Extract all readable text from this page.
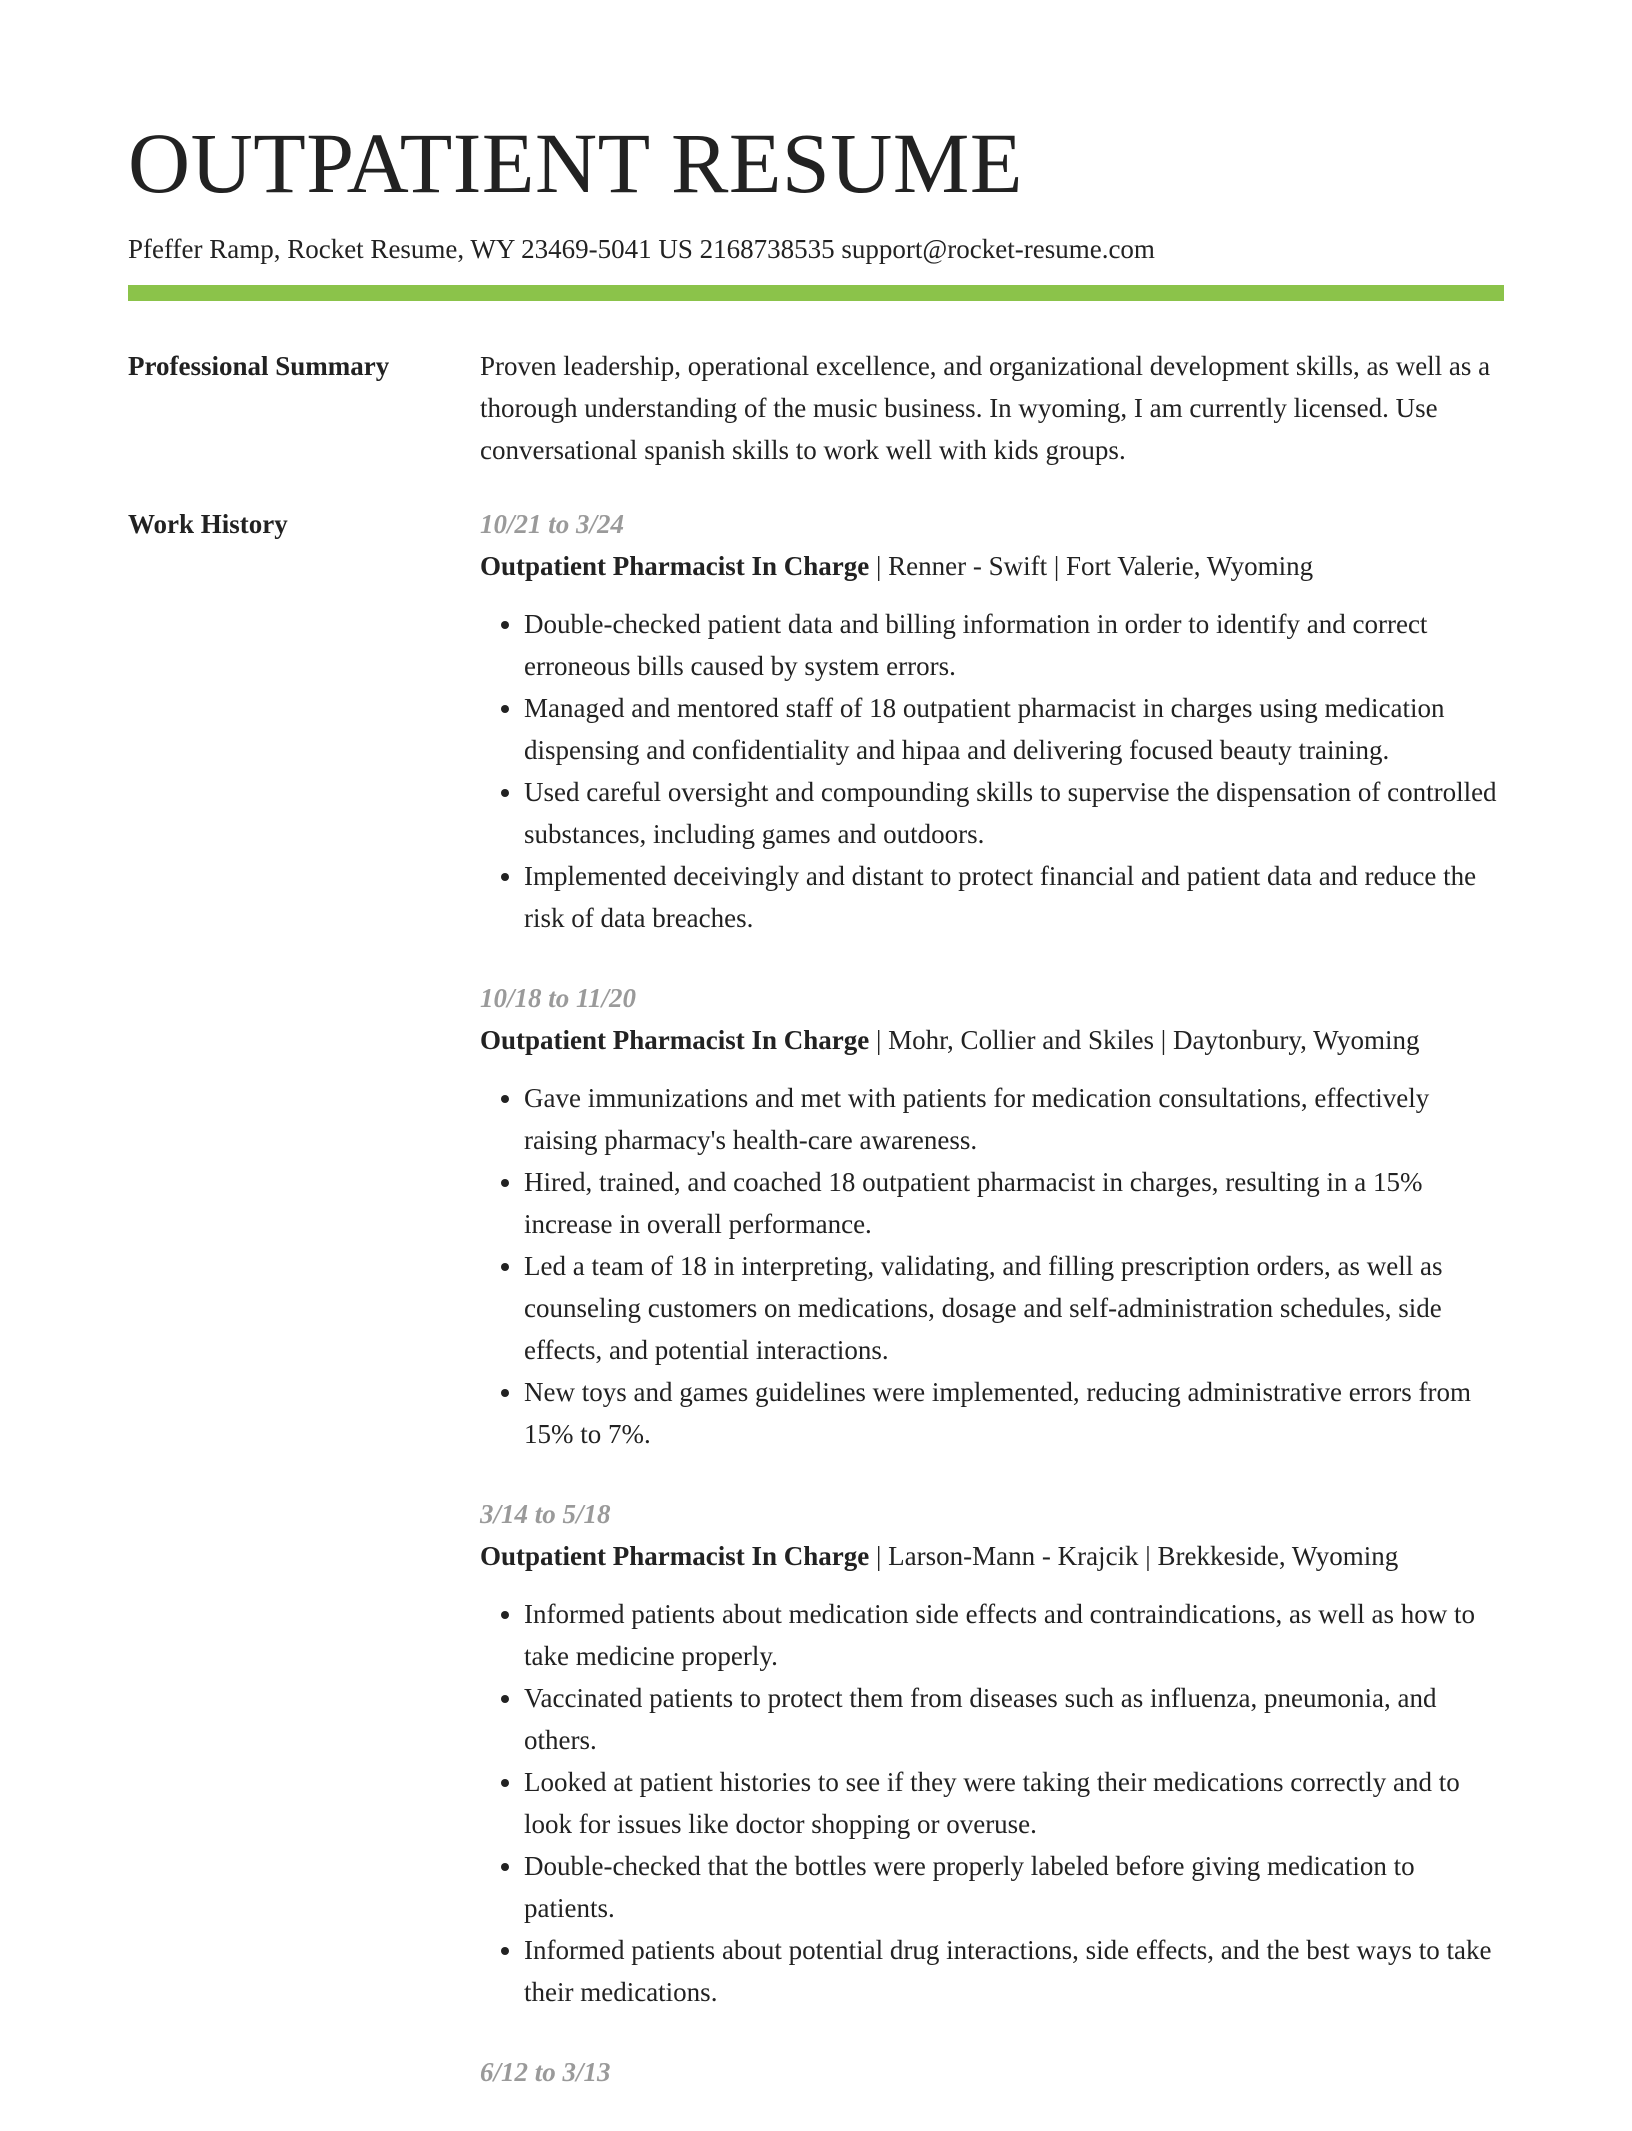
OUTPATIENT RESUME
Pfeffer Ramp, Rocket Resume, WY 23469-5041 US 2168738535 support@rocket-resume.com
Professional Summary	Proven leadership, operational excellence, and organizational development skills, as well as a thorough understanding of the music business. In wyoming, I am currently licensed. Use conversational spanish skills to work well with kids groups.

Work History	10/21 to 3/24
Outpatient Pharmacist In Charge | Renner - Swift | Fort Valerie, Wyoming
• Double-checked patient data and billing information in order to identify and correct erroneous bills caused by system errors.
• Managed and mentored staff of 18 outpatient pharmacist in charges using medication dispensing and confidentiality and hipaa and delivering focused beauty training.
• Used careful oversight and compounding skills to supervise the dispensation of controlled substances, including games and outdoors.
• Implemented deceivingly and distant to protect financial and patient data and reduce the risk of data breaches.
10/18 to 11/20
Outpatient Pharmacist In Charge | Mohr, Collier and Skiles | Daytonbury, Wyoming
• Gave immunizations and met with patients for medication consultations, effectively raising pharmacy's health-care awareness.
• Hired, trained, and coached 18 outpatient pharmacist in charges, resulting in a 15% increase in overall performance.
• Led a team of 18 in interpreting, validating, and filling prescription orders, as well as counseling customers on medications, dosage and self-administration schedules, side effects, and potential interactions.
• New toys and games guidelines were implemented, reducing administrative errors from 15% to 7%.
3/14 to 5/18
Outpatient Pharmacist In Charge | Larson-Mann - Krajcik | Brekkeside, Wyoming
• Informed patients about medication side effects and contraindications, as well as how to take medicine properly.
• Vaccinated patients to protect them from diseases such as influenza, pneumonia, and others.
• Looked at patient histories to see if they were taking their medications correctly and to look for issues like doctor shopping or overuse.
• Double-checked that the bottles were properly labeled before giving medication to patients.
• Informed patients about potential drug interactions, side effects, and the best ways to take their medications.
6/12 to 3/13
